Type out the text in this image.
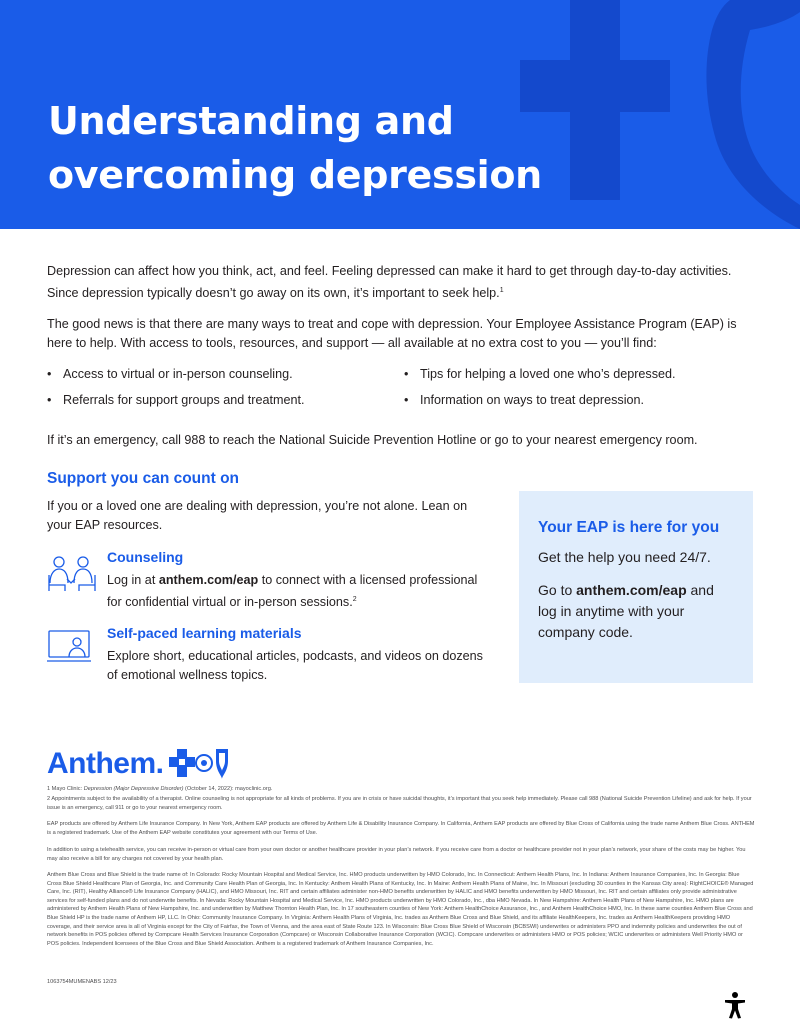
Understanding and
overcoming depression

Depression can affect how you think, act, and feel. Feeling depressed can make it hard to get through day-to-day activities. Since depression typically doesn’t go away on its own, it’s important to seek help.$^1$

The good news is that there are many ways to treat and cope with depression. Your Employee Assistance Program (EAP) is here to help. With access to tools, resources, and support — all available at no extra cost to you — you’ll find:

• Access to virtual or in-person counseling.	• Tips for helping a loved one who’s depressed.
• Referrals for support groups and treatment.	• Information on ways to treat depression.

If it’s an emergency, call 988 to reach the National Suicide Prevention Hotline or go to your nearest emergency room.

Support you can count on

If you or a loved one are dealing with depression, you’re not alone. Lean on your EAP resources.

Counseling

Log in at anthem.com/eap to connect with a licensed professional for confidential virtual or in-person sessions.$^2$

Self-paced learning materials

Explore short, educational articles, podcasts, and videos on dozens of emotional wellness topics.

Your EAP is here for you

Get the help you need 24/7.

Go to anthem.com/eap and log in anytime with your company code.

Anthem.

1 Mayo Clinic: Depression (Major Depressive Disorder) (October 14, 2022): mayoclinic.org.

2 Appointments subject to the availability of a therapist. Online counseling is not appropriate for all kinds of problems. If you are in crisis or have suicidal thoughts, it’s important that you seek help immediately. Please call 988 (National Suicide Prevention Lifeline) and ask for help. If your issue is an emergency, call 911 or go to your nearest emergency room.

EAP products are offered by Anthem Life Insurance Company. In New York, Anthem EAP products are offered by Anthem Life & Disability Insurance Company. In California, Anthem EAP products are offered by Blue Cross of California using the trade name Anthem Blue Cross. ANTHEM is a registered trademark. Use of the Anthem EAP website constitutes your agreement with our Terms of Use.

In addition to using a telehealth service, you can receive in-person or virtual care from your own doctor or another healthcare provider in your plan’s network. If you receive care from a doctor or healthcare provider not in your plan’s network, your share of the costs may be higher. You may also receive a bill for any charges not covered by your health plan.

Anthem Blue Cross and Blue Shield is the trade name of: In Colorado: Rocky Mountain Hospital and Medical Service, Inc. HMO products underwritten by HMO Colorado, Inc. In Connecticut: Anthem Health Plans, Inc. In Indiana: Anthem Insurance Companies, Inc. In Georgia: Blue Cross Blue Shield Healthcare Plan of Georgia, Inc. and Community Care Health Plan of Georgia, Inc. In Kentucky: Anthem Health Plans of Kentucky, Inc. In Maine: Anthem Health Plans of Maine, Inc. In Missouri (excluding 30 counties in the Kansas City area): RightCHOICE® Managed Care, Inc. (RIT), Healthy Alliance® Life Insurance Company (HALIC), and HMO Missouri, Inc. RIT and certain affiliates administer non-HMO benefits underwritten by HALIC and HMO benefits underwritten by HMO Missouri, Inc. RIT and certain affiliates only provide administrative services for self-funded plans and do not underwrite benefits. In Nevada: Rocky Mountain Hospital and Medical Service, Inc. HMO products underwritten by HMO Colorado, Inc., dba HMO Nevada. In New Hampshire: Anthem Health Plans of New Hampshire, Inc. HMO plans are administered by Anthem Health Plans of New Hampshire, Inc. and underwritten by Matthew Thornton Health Plan, Inc. In 17 southeastern counties of New York: Anthem HealthChoice Assurance, Inc., and Anthem HealthChoice HMO, Inc. In these same counties Anthem Blue Cross and Blue Shield HP is the trade name of Anthem HP, LLC. In Ohio: Community Insurance Company. In Virginia: Anthem Health Plans of Virginia, Inc. trades as Anthem Blue Cross and Blue Shield, and its affiliate HealthKeepers, Inc. trades as Anthem HealthKeepers providing HMO coverage, and their service area is all of Virginia except for the City of Fairfax, the Town of Vienna, and the area east of State Route 123. In Wisconsin: Blue Cross Blue Shield of Wisconsin (BCBSWI) underwrites or administers PPO and indemnity policies and underwrites the out of network benefits in POS policies offered by Compcare Health Services Insurance Corporation (Compcare) or Wisconsin Collaborative Insurance Corporation (WCIC). Compcare underwrites or administers HMO or POS policies; WCIC underwrites or administers Well Priority HMO or POS policies. Independent licensees of the Blue Cross and Blue Shield Association. Anthem is a registered trademark of Anthem Insurance Companies, Inc.

1063754MUMENABS 12/23
